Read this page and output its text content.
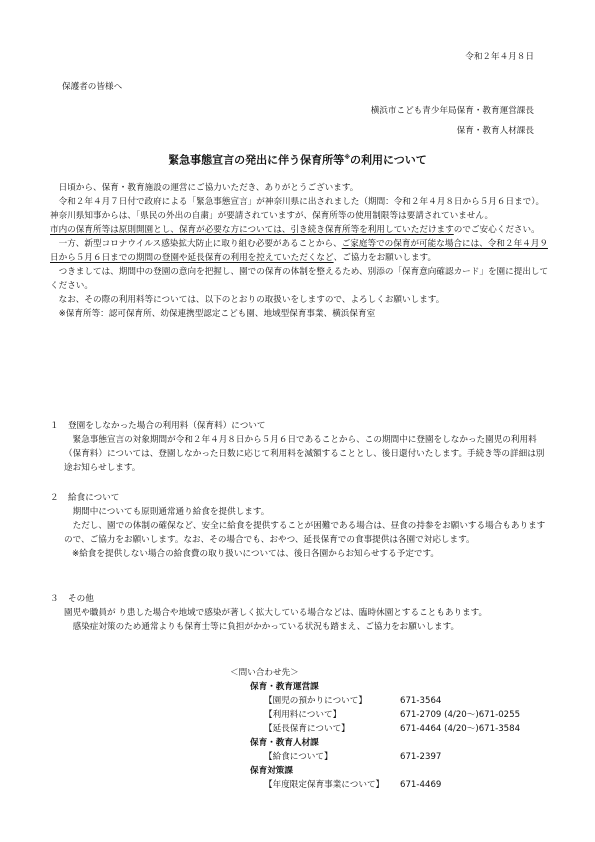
令和２年４月８日
保護者の皆様へ
横浜市こども青少年局保育・教育運営課長
保育・教育人材課長
緊急事態宣言の発出に伴う保育所等※の利用について

日頃から、保育・教育施設の運営にご協力いただき、ありがとうございます。

令和２年４月７日付で政府による「緊急事態宣言」が神奈川県に出されました（期間：令和２年４月８日から５月６日まで）。神奈川県知事からは、「県民の外出の自粛」が要請されていますが、保育所等の使用制限等は要請されていません。

市内の保育所等は原則開園とし、保育が必要な方については、引き続き保育所等を利用していただけますのでご安心ください。

一方、新型コロナウイルス感染拡大防止に取り組む必要があることから、ご家庭等での保育が可能な場合には、令和２年４月９日から５月６日までの期間の登園や延長保育の利用を控えていただくなど、ご協力をお願いします。

つきましては、期間中の登園の意向を把握し、園での保育の体制を整えるため、別添の「保育意向確認カード」を園に提出してください。

なお、その際の利用料等については、以下のとおりの取扱いをしますので、よろしくお願いします。

※保育所等：認可保育所、幼保連携型認定こども園、地域型保育事業、横浜保育室

１ 登園をしなかった場合の利用料（保育料）について

緊急事態宣言の対象期間が令和２年４月８日から５月６日であることから、この期間中に登園をしなかった園児の利用料（保育料）については、登園しなかった日数に応じて利用料を減額することとし、後日還付いたします。手続き等の詳細は別途お知らせします。

２ 給食について

期間中についても原則通常通り給食を提供します。

ただし、園での体制の確保など、安全に給食を提供することが困難である場合は、昼食の持参をお願いする場合もありますので、ご協力をお願いします。なお、その場合でも、おやつ、延長保育での食事提供は各園で対応します。

※給食を提供しない場合の給食費の取り扱いについては、後日各園からお知らせする予定です。

３ その他

園児や職員が り患した場合や地域で感染が著しく拡大している場合などは、臨時休園とすることもあります。

感染症対策のため通常よりも保育士等に負担がかかっている状況も踏まえ、ご協力をお願いします。

＜問い合わせ先＞
保育・教育運営課
【園児の預かりについて】	671-3564
【利用料について】	671-2709 (4/20～)671-0255
【延長保育について】	671-4464 (4/20～)671-3584
保育・教育人材課
【給食について】	671-2397
保育対策課
【年度限定保育事業について】	671-4469
